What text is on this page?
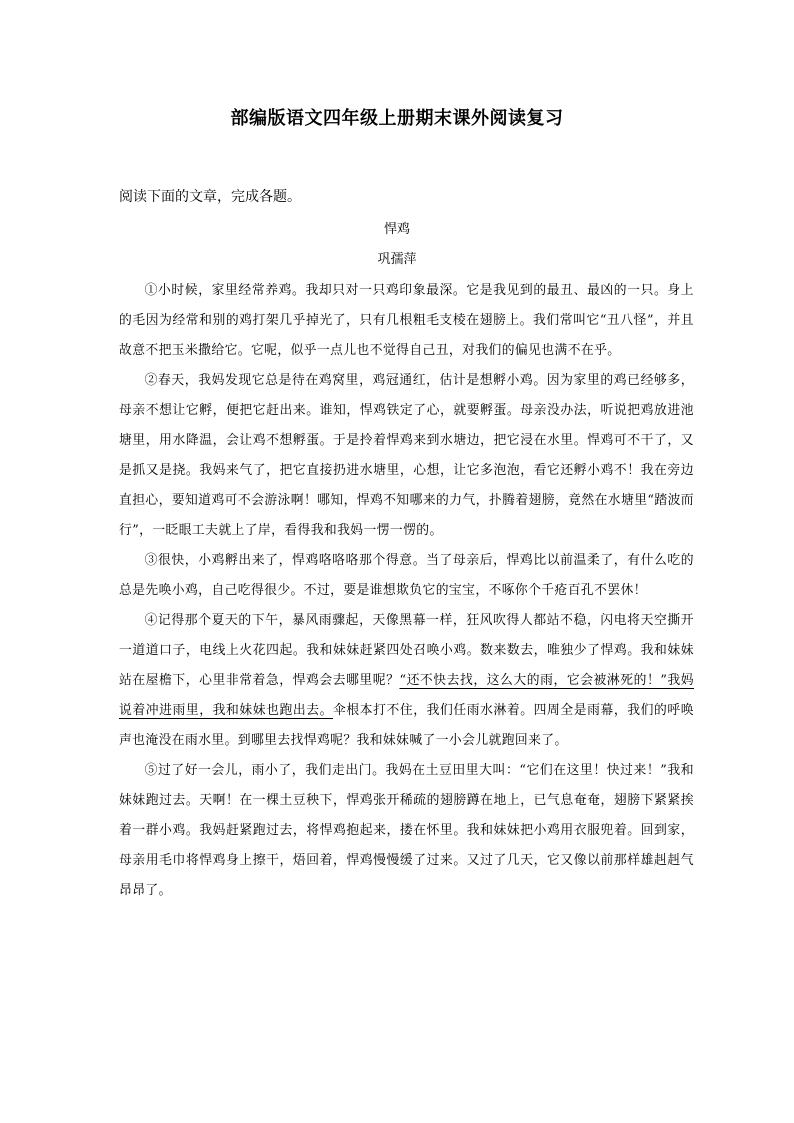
部编版语文四年级上册期末课外阅读复习
阅读下面的文章，完成各题。
悍鸡
巩孺萍

①小时候，家里经常养鸡。我却只对一只鸡印象最深。它是我见到的最丑、最凶的一只。身上的毛因为经常和别的鸡打架几乎掉光了，只有几根粗毛支棱在翅膀上。我们常叫它“丑八怪”，并且故意不把玉米撒给它。它呢，似乎一点儿也不觉得自己丑，对我们的偏见也满不在乎。

②春天，我妈发现它总是待在鸡窝里，鸡冠通红，估计是想孵小鸡。因为家里的鸡已经够多，母亲不想让它孵，便把它赶出来。谁知，悍鸡铁定了心，就要孵蛋。母亲没办法，听说把鸡放进池塘里，用水降温，会让鸡不想孵蛋。于是拎着悍鸡来到水塘边，把它浸在水里。悍鸡可不干了，又是抓又是挠。我妈来气了，把它直接扔进水塘里，心想，让它多泡泡，看它还孵小鸡不！我在旁边直担心，要知道鸡可不会游泳啊！哪知，悍鸡不知哪来的力气，扑腾着翅膀，竟然在水塘里“踏波而行”，一眨眼工夫就上了岸，看得我和我妈一愣一愣的。

③很快，小鸡孵出来了，悍鸡咯咯咯那个得意。当了母亲后，悍鸡比以前温柔了，有什么吃的总是先唤小鸡，自己吃得很少。不过，要是谁想欺负它的宝宝，不啄你个千疮百孔不罢休！

④记得那个夏天的下午，暴风雨骤起，天像黑幕一样，狂风吹得人都站不稳，闪电将天空撕开一道道口子，电线上火花四起。我和妹妹赶紧四处召唤小鸡。数来数去，唯独少了悍鸡。我和妹妹站在屋檐下，心里非常着急，悍鸡会去哪里呢？“还不快去找，这么大的雨，它会被淋死的！”我妈说着冲进雨里，我和妹妹也跑出去。伞根本打不住，我们任雨水淋着。四周全是雨幕，我们的呼唤声也淹没在雨水里。到哪里去找悍鸡呢？我和妹妹喊了一小会儿就跑回来了。

⑤过了好一会儿，雨小了，我们走出门。我妈在土豆田里大叫：“它们在这里！快过来！”我和妹妹跑过去。天啊！在一棵土豆秧下，悍鸡张开稀疏的翅膀蹲在地上，已气息奄奄，翅膀下紧紧挨着一群小鸡。我妈赶紧跑过去，将悍鸡抱起来，搂在怀里。我和妹妹把小鸡用衣服兜着。回到家，母亲用毛巾将悍鸡身上擦干，焐回着，悍鸡慢慢缓了过来。又过了几天，它又像以前那样雄赳赳气昂昂了。
